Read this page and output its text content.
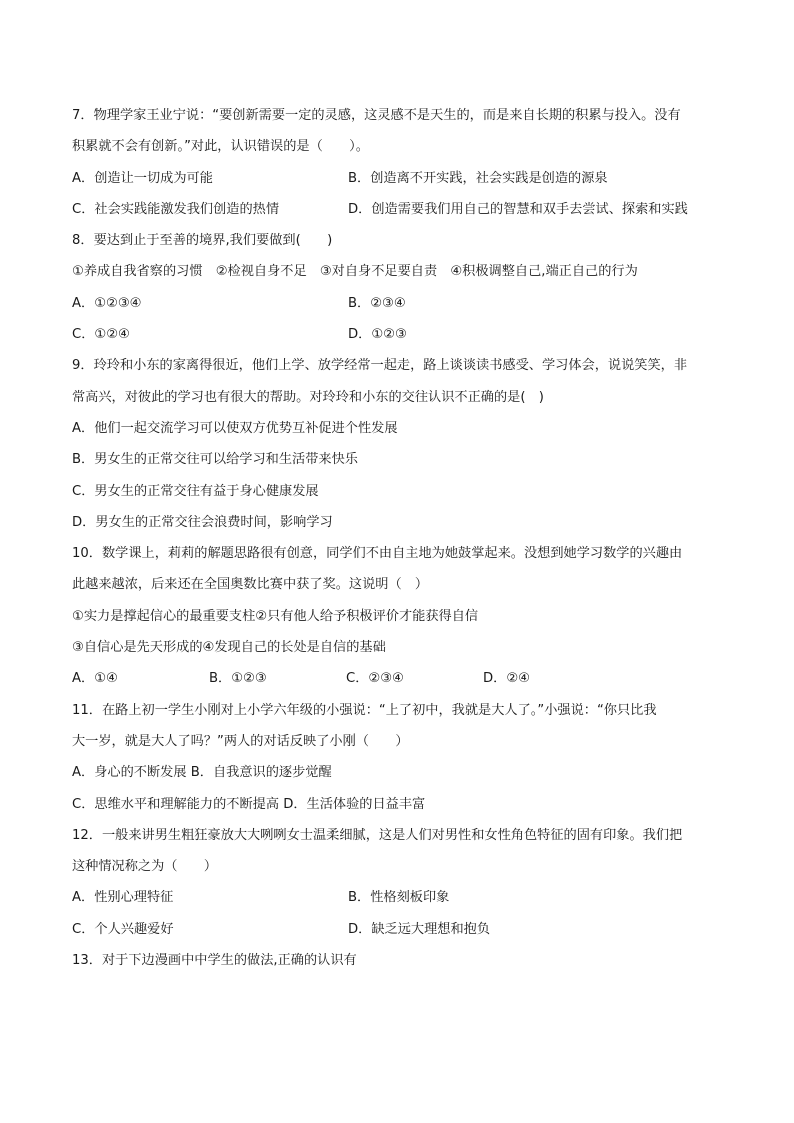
7．物理学家王业宁说：“要创新需要一定的灵感，这灵感不是天生的，而是来自长期的积累与投入。没有
积累就不会有创新。”对此，认识错误的是（　　）。
A．创造让一切成为可能	B．创造离不开实践，社会实践是创造的源泉
C．社会实践能激发我们创造的热情	D．创造需要我们用自己的智慧和双手去尝试、探索和实践
8．要达到止于至善的境界,我们要做到(　　)
①养成自我省察的习惯　②检视自身不足　③对自身不足要自责　④积极调整自己,端正自己的行为
A．①②③④	B．②③④
C．①②④	D．①②③
9．玲玲和小东的家离得很近，他们上学、放学经常一起走，路上谈谈读书感受、学习体会，说说笑笑，非
常高兴，对彼此的学习也有很大的帮助。对玲玲和小东的交往认识不正确的是(　)
A．他们一起交流学习可以使双方优势互补促进个性发展
B．男女生的正常交往可以给学习和生活带来快乐
C．男女生的正常交往有益于身心健康发展
D．男女生的正常交往会浪费时间，影响学习
10．数学课上，莉莉的解题思路很有创意，同学们不由自主地为她鼓掌起来。没想到她学习数学的兴趣由
此越来越浓，后来还在全国奥数比赛中获了奖。这说明（　）
①实力是撑起信心的最重要支柱②只有他人给予积极评价才能获得自信
③自信心是先天形成的④发现自己的长处是自信的基础
A．①④	B．①②③	C．②③④	D．②④
11．在路上初一学生小刚对上小学六年级的小强说：“上了初中，我就是大人了。”小强说：“你只比我
大一岁，就是大人了吗？”两人的对话反映了小刚（　　）
A．身心的不断发展 B．自我意识的逐步觉醒
C．思维水平和理解能力的不断提高 D．生活体验的日益丰富
12．一般来讲男生粗狂豪放大大咧咧女士温柔细腻，这是人们对男性和女性角色特征的固有印象。我们把
这种情况称之为（　　）
A．性别心理特征	B．性格刻板印象
C．个人兴趣爱好	D．缺乏远大理想和抱负
13．对于下边漫画中中学生的做法,正确的认识有
